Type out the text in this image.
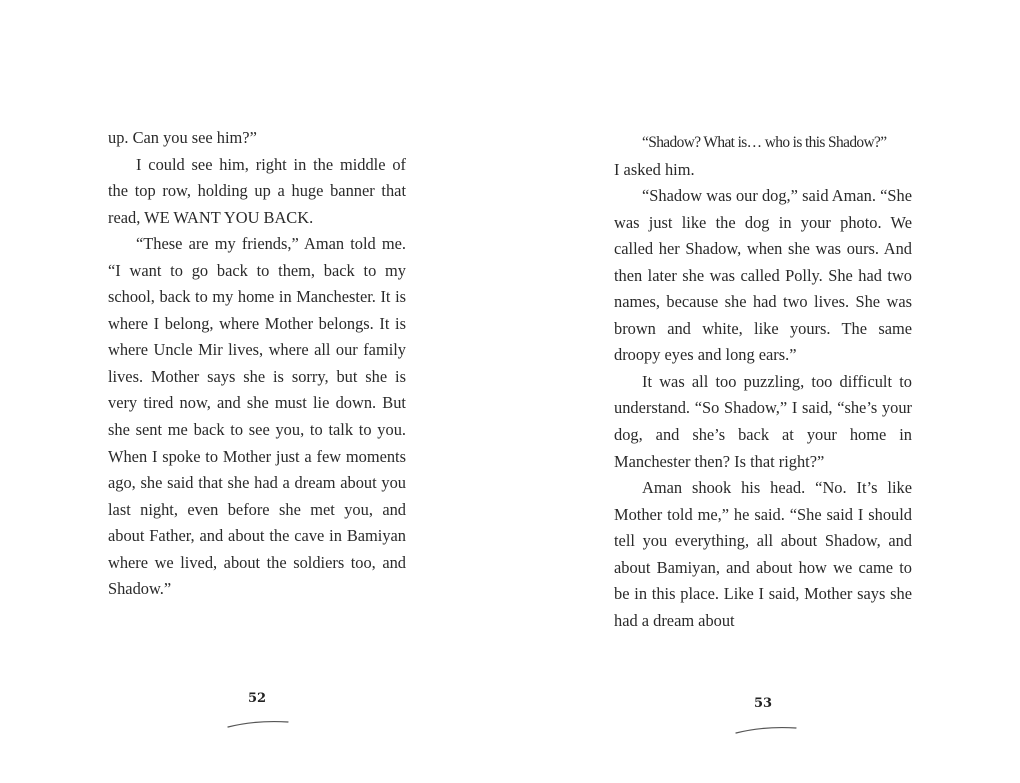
up. Can you see him?”

I could see him, right in the middle of the top row, holding up a huge banner that read, WE WANT YOU BACK.

“These are my friends,” Aman told me. “I want to go back to them, back to my school, back to my home in Manchester. It is where I belong, where Mother belongs. It is where Uncle Mir lives, where all our family lives. Mother says she is sorry, but she is very tired now, and she must lie down. But she sent me back to see you, to talk to you. When I spoke to Mother just a few moments ago, she said that she had a dream about you last night, even before she met you, and about Father, and about the cave in Bamiyan where we lived, about the soldiers too, and Shadow.”

52

“Shadow? What is… who is this Shadow?”

I asked him.

“Shadow was our dog,” said Aman. “She was just like the dog in your photo. We called her Shadow, when she was ours. And then later she was called Polly. She had two names, because she had two lives. She was brown and white, like yours. The same droopy eyes and long ears.”

It was all too puzzling, too difficult to understand. “So Shadow,” I said, “she’s your dog, and she’s back at your home in Manchester then? Is that right?”

Aman shook his head. “No. It’s like Mother told me,” he said. “She said I should tell you everything, all about Shadow, and about Bamiyan, and about how we came to be in this place. Like I said, Mother says she had a dream about

53
